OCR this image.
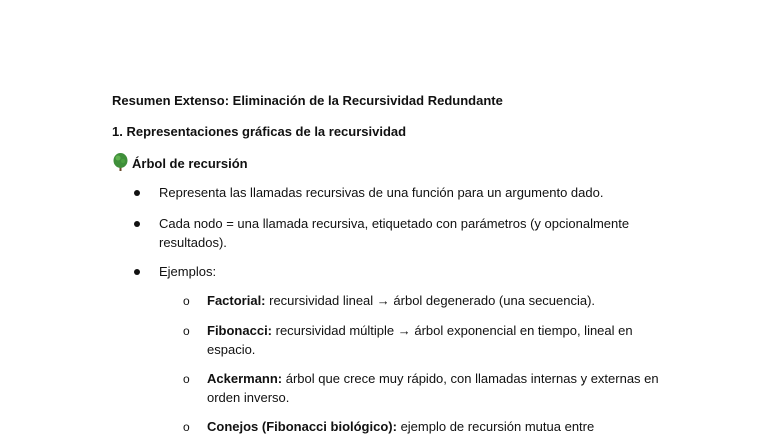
Resumen Extenso: Eliminación de la Recursividad Redundante
1. Representaciones gráficas de la recursividad
Árbol de recursión
Representa las llamadas recursivas de una función para un argumento dado.
Cada nodo = una llamada recursiva, etiquetado con parámetros (y opcionalmente resultados).
Ejemplos:
o Factorial: recursividad lineal → árbol degenerado (una secuencia).
o Fibonacci: recursividad múltiple → árbol exponencial en tiempo, lineal en espacio.
o Ackermann: árbol que crece muy rápido, con llamadas internas y externas en orden inverso.
o Conejos (Fibonacci biológico): ejemplo de recursión mutua entre
